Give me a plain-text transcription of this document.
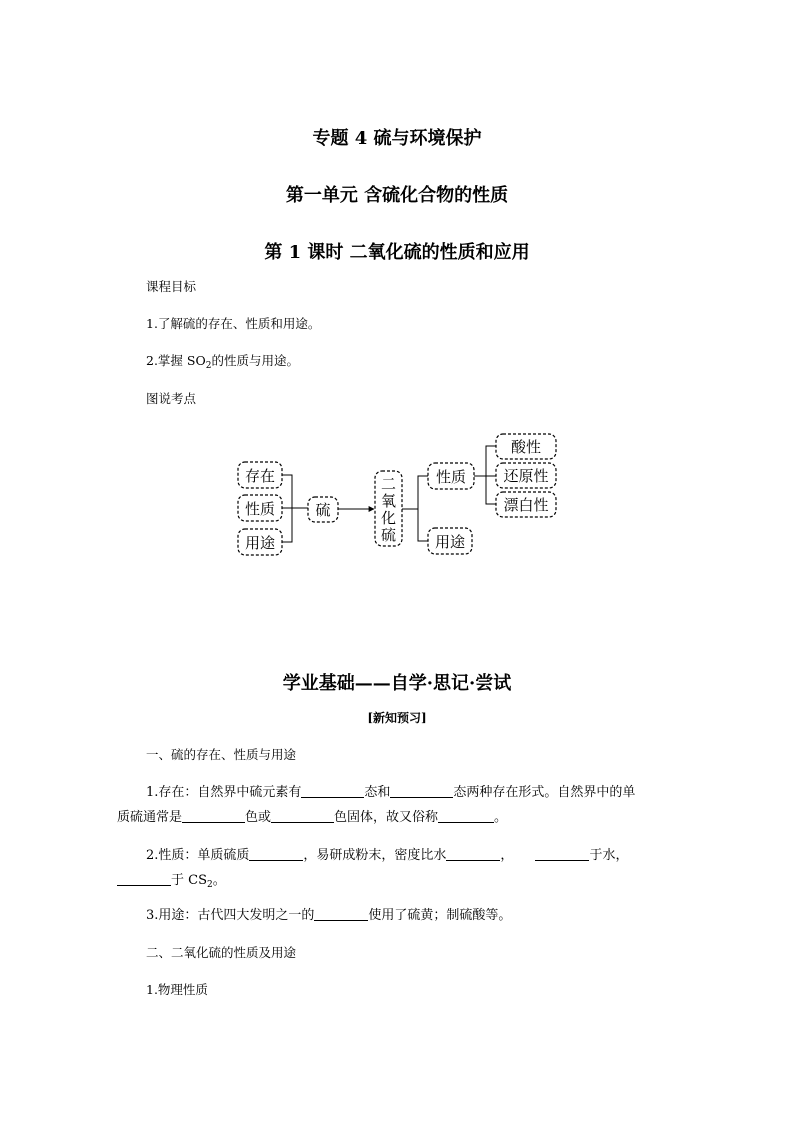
专题 4 硫与环境保护
第一单元 含硫化合物的性质
第 1 课时 二氧化硫的性质和应用
课程目标
1.了解硫的存在、性质和用途。
2.掌握 $SO_2$的性质与用途。
图说考点
存在
性质
用途
硫
二
氧
化
硫
性质
用途
酸性
还原性
漂白性
学业基础——自学·思记·尝试
[新知预习]
一、硫的存在、性质与用途
1.存在：自然界中硫元素有	态和	态两种存在形式。自然界中的单
质硫通常是	色或	色固体，故又俗称	。
2.性质：单质硫质	，易研成粉末，密度比水	，	于水，
于 $CS_2$。
3.用途：古代四大发明之一的	使用了硫黄；制硫酸等。
二、二氧化硫的性质及用途
1.物理性质
